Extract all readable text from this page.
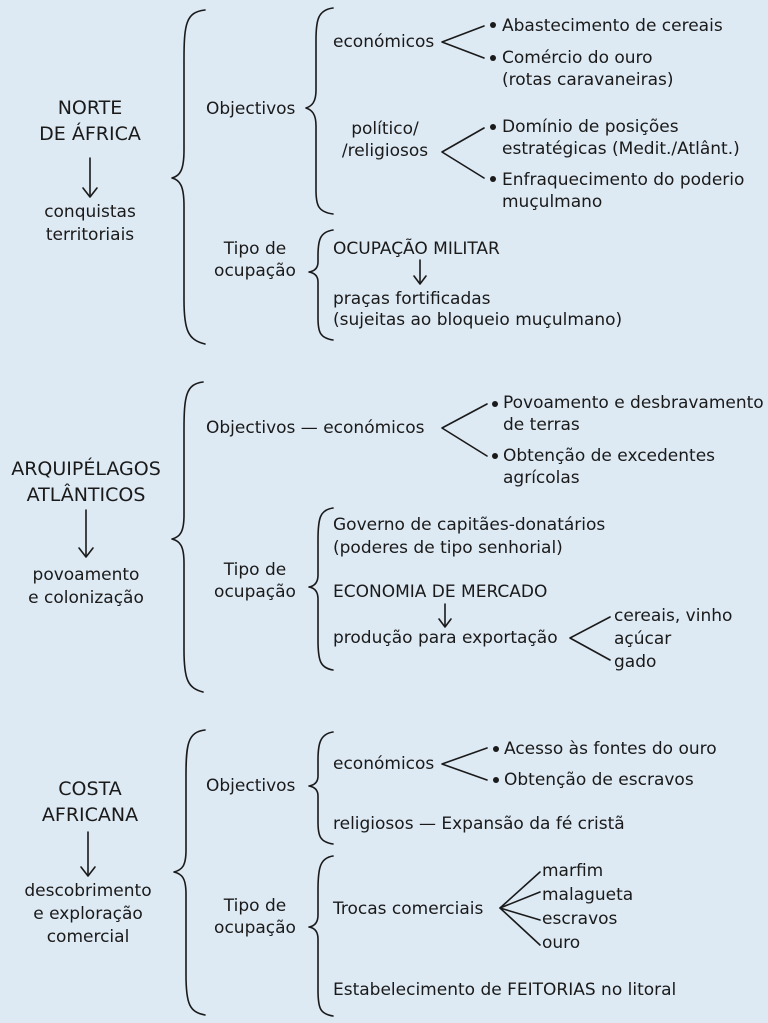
NORTE
DE ÁFRICA
conquistas
territoriais
Objectivos
económicos
Abastecimento de cereais
Comércio do ouro
(rotas caravaneiras)
político/
/religiosos
Domínio de posições
estratégicas (Medit./Atlânt.)
Enfraquecimento do poderio
muçulmano
Tipo de
ocupação
OCUPAÇÃO MILITAR
praças fortificadas
(sujeitas ao bloqueio muçulmano)
ARQUIPÉLAGOS
ATLÂNTICOS
povoamento
e colonização
Objectivos — económicos
Povoamento e desbravamento
de terras
Obtenção de excedentes
agrícolas
Tipo de
ocupação
Governo de capitães-donatários
(poderes de tipo senhorial)
ECONOMIA DE MERCADO
produção para exportação
cereais, vinho
açúcar
gado
COSTA
AFRICANA
descobrimento
e exploração
comercial
Objectivos
económicos
Acesso às fontes do ouro
Obtenção de escravos
religiosos — Expansão da fé cristã
Tipo de
ocupação
Trocas comerciais
marfim
malagueta
escravos
ouro
Estabelecimento de FEITORIAS no litoral
